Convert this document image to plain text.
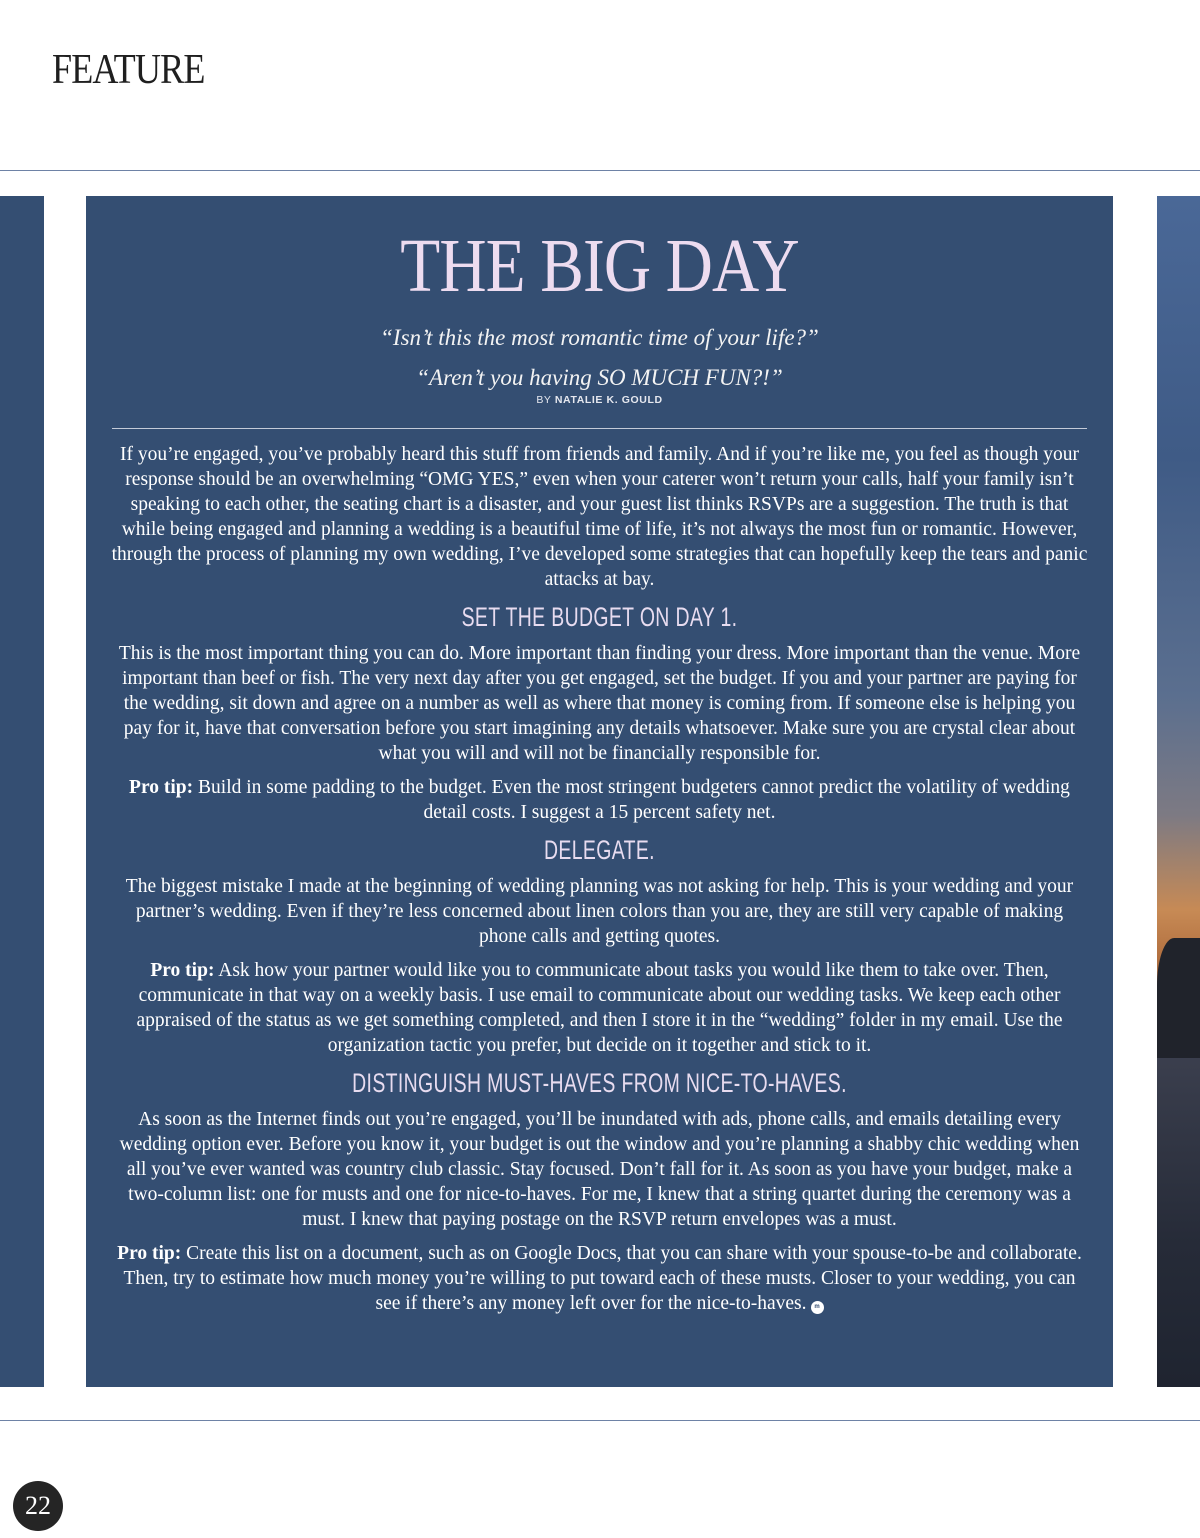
FEATURE
THE BIG DAY
“Isn’t this the most romantic time of your life?”
“Aren’t you having SO MUCH FUN?!”
BY NATALIE K. GOULD

If you’re engaged, you’ve probably heard this stuff from friends and family. And if you’re like me, you feel as though your response should be an overwhelming “OMG YES,” even when your caterer won’t return your calls, half your family isn’t speaking to each other, the seating chart is a disaster, and your guest list thinks RSVPs are a suggestion. The truth is that while being engaged and planning a wedding is a beautiful time of life, it’s not always the most fun or romantic. However, through the process of planning my own wedding, I’ve developed some strategies that can hopefully keep the tears and panic attacks at bay.

SET THE BUDGET ON DAY 1.

This is the most important thing you can do. More important than finding your dress. More important than the venue. More important than beef or fish. The very next day after you get engaged, set the budget. If you and your partner are paying for the wedding, sit down and agree on a number as well as where that money is coming from. If someone else is helping you pay for it, have that conversation before you start imagining any details whatsoever. Make sure you are crystal clear about what you will and will not be financially responsible for.

Pro tip: Build in some padding to the budget. Even the most stringent budgeters cannot predict the volatility of wedding detail costs. I suggest a 15 percent safety net.

DELEGATE.

The biggest mistake I made at the beginning of wedding planning was not asking for help. This is your wedding and your partner’s wedding. Even if they’re less concerned about linen colors than you are, they are still very capable of making phone calls and getting quotes.

Pro tip: Ask how your partner would like you to communicate about tasks you would like them to take over. Then, communicate in that way on a weekly basis. I use email to communicate about our wedding tasks. We keep each other appraised of the status as we get something completed, and then I store it in the “wedding” folder in my email. Use the organization tactic you prefer, but decide on it together and stick to it.

DISTINGUISH MUST-HAVES FROM NICE-TO-HAVES.

As soon as the Internet finds out you’re engaged, you’ll be inundated with ads, phone calls, and emails detailing every wedding option ever. Before you know it, your budget is out the window and you’re planning a shabby chic wedding when all you’ve ever wanted was country club classic. Stay focused. Don’t fall for it. As soon as you have your budget, make a two-column list: one for musts and one for nice-to-haves. For me, I knew that a string quartet during the ceremony was a must. I knew that paying postage on the RSVP return envelopes was a must.

Pro tip: Create this list on a document, such as on Google Docs, that you can share with your spouse-to-be and collaborate. Then, try to estimate how much money you’re willing to put toward each of these musts. Closer to your wedding, you can see if there’s any money left over for the nice-to-haves. m

22
